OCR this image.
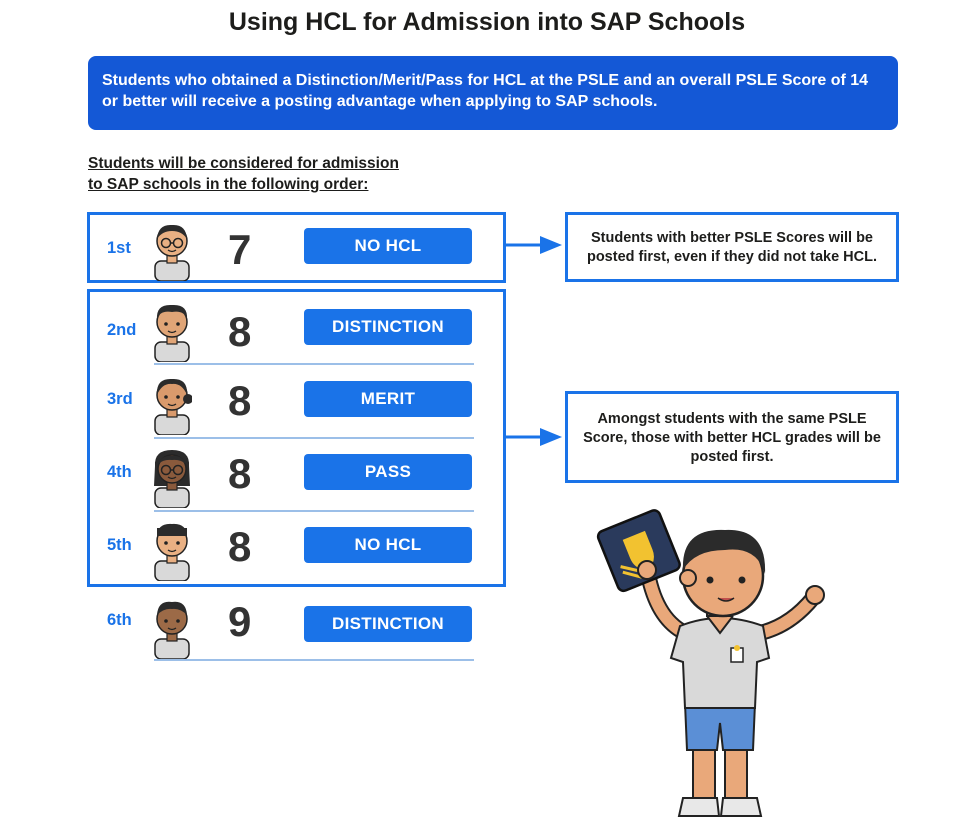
Using HCL for Admission into SAP Schools
Students who obtained a Distinction/Merit/Pass for HCL at the PSLE and an overall PSLE Score of 14 or better will receive a posting advantage when applying to SAP schools.
Students will be considered for admission
to SAP schools in the following order:
1st 7	NO HCL
2nd 8	DISTINCTION
3rd 8	MERIT
4th 8	PASS
5th 8	NO HCL
6th 9	DISTINCTION
Students with better PSLE Scores will be posted first, even if they did not take HCL.
Amongst students with the same PSLE Score, those with better HCL grades will be posted first.
